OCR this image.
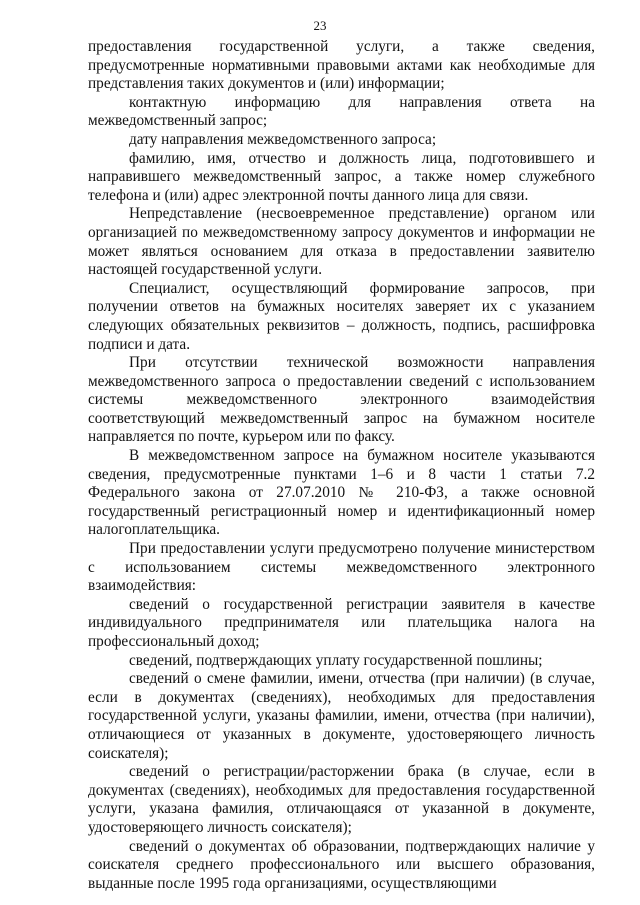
23

предоставления государственной услуги, а также сведения, предусмотренные нормативными правовыми актами как необходимые для представления таких документов и (или) информации;

контактную информацию для направления ответа на межведомственный запрос;

дату направления межведомственного запроса;

фамилию, имя, отчество и должность лица, подготовившего и направившего межведомственный запрос, а также номер служебного телефона и (или) адрес электронной почты данного лица для связи.

Непредставление (несвоевременное представление) органом или организацией по межведомственному запросу документов и информации не может являться основанием для отказа в предоставлении заявителю настоящей государственной услуги.

Специалист, осуществляющий формирование запросов, при получении ответов на бумажных носителях заверяет их с указанием следующих обязательных реквизитов – должность, подпись, расшифровка подписи и дата.

При отсутствии технической возможности направления межведомственного запроса о предоставлении сведений с использованием системы межведомственного электронного взаимодействия соответствующий межведомственный запрос на бумажном носителе направляется по почте, курьером или по факсу.

В межведомственном запросе на бумажном носителе указываются сведения, предусмотренные пунктами 1–6 и 8 части 1 статьи 7.2 Федерального закона от 27.07.2010 № 210-ФЗ, а также основной государственный регистрационный номер и идентификационный номер налогоплательщика.

При предоставлении услуги предусмотрено получение министерством с использованием системы межведомственного электронного взаимодействия:

сведений о государственной регистрации заявителя в качестве индивидуального предпринимателя или плательщика налога на профессиональный доход;

сведений, подтверждающих уплату государственной пошлины;

сведений о смене фамилии, имени, отчества (при наличии) (в случае, если в документах (сведениях), необходимых для предоставления государственной услуги, указаны фамилии, имени, отчества (при наличии), отличающиеся от указанных в документе, удостоверяющего личность соискателя);

сведений о регистрации/расторжении брака (в случае, если в документах (сведениях), необходимых для предоставления государственной услуги, указана фамилия, отличающаяся от указанной в документе, удостоверяющего личность соискателя);

сведений о документах об образовании, подтверждающих наличие у соискателя среднего профессионального или высшего образования, выданные после 1995 года организациями, осуществляющими
